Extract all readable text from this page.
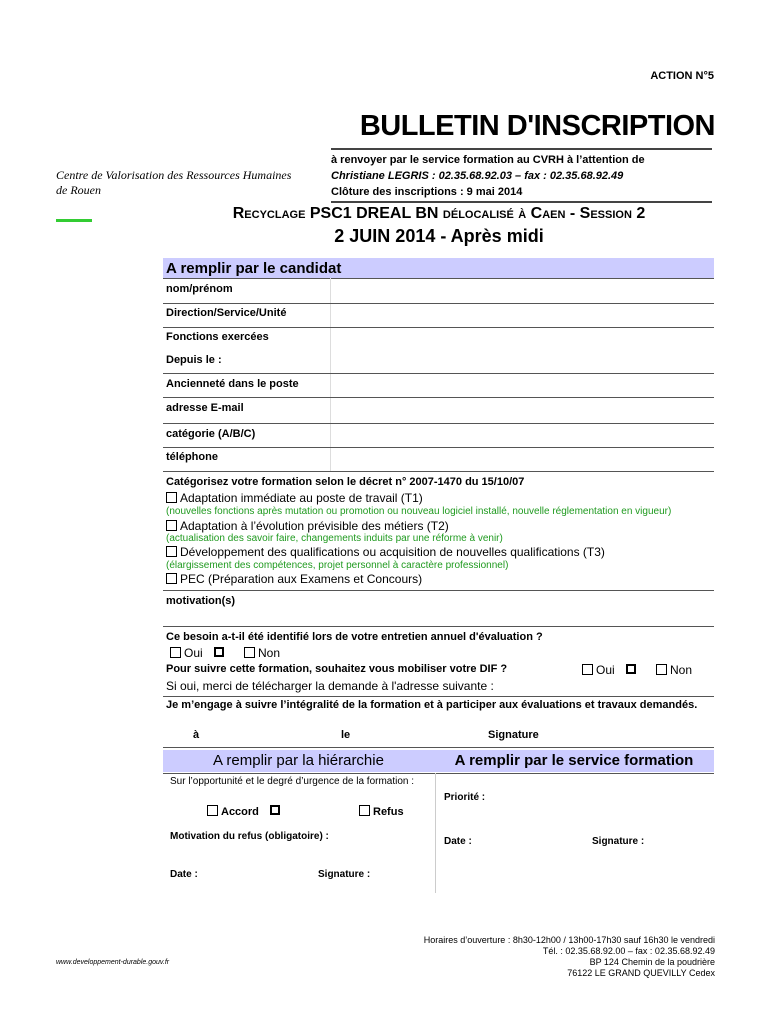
ACTION N°5
BULLETIN D'INSCRIPTION
Centre de Valorisation des Ressources Humaines
de Rouen
à renvoyer par le service formation au CVRH à l’attention de
Christiane LEGRIS : 02.35.68.92.03 – fax : 02.35.68.92.49
Clôture des inscriptions : 9 mai 2014
Recyclage PSC1 DREAL BN délocalisé à Caen - Session 2
2 JUIN 2014 - Après midi
A remplir par le candidat
nom/prénom
Direction/Service/Unité
Fonctions exercées
Depuis le :
Ancienneté dans le poste
adresse E-mail
catégorie (A/B/C)
téléphone
Catégorisez votre formation selon le décret n° 2007-1470 du 15/10/07
Adaptation immédiate au poste de travail (T1)
(nouvelles fonctions après mutation ou promotion ou nouveau logiciel installé, nouvelle réglementation en vigueur)
Adaptation à l’évolution prévisible des métiers (T2)
(actualisation des savoir faire, changements induits par une réforme à venir)
Développement des qualifications ou acquisition de nouvelles qualifications (T3)
(élargissement des compétences, projet personnel à caractère professionnel)
PEC (Préparation aux Examens et Concours)
motivation(s)
Ce besoin a-t-il été identifié lors de votre entretien annuel d'évaluation ?
Oui	Non
Pour suivre cette formation, souhaitez vous mobiliser votre DIF ?	Oui	Non
Si oui, merci de télécharger la demande à l'adresse suivante :
Je m’engage à suivre l’intégralité de la formation et à participer aux évaluations et travaux demandés.
à	le	Signature
A remplir par la hiérarchie	A remplir par le service formation
Sur l’opportunité et le degré d’urgence de la formation :
Accord	Refus
Motivation du refus (obligatoire) :
Date :	Signature :
Priorité :
Date :	Signature :
www.developpement-durable.gouv.fr
Horaires d’ouverture : 8h30-12h00 / 13h00-17h30 sauf 16h30 le vendredi
Tél. : 02.35.68.92.00 – fax : 02.35.68.92.49
BP 124 Chemin de la poudrière
76122 LE GRAND QUEVILLY Cedex
